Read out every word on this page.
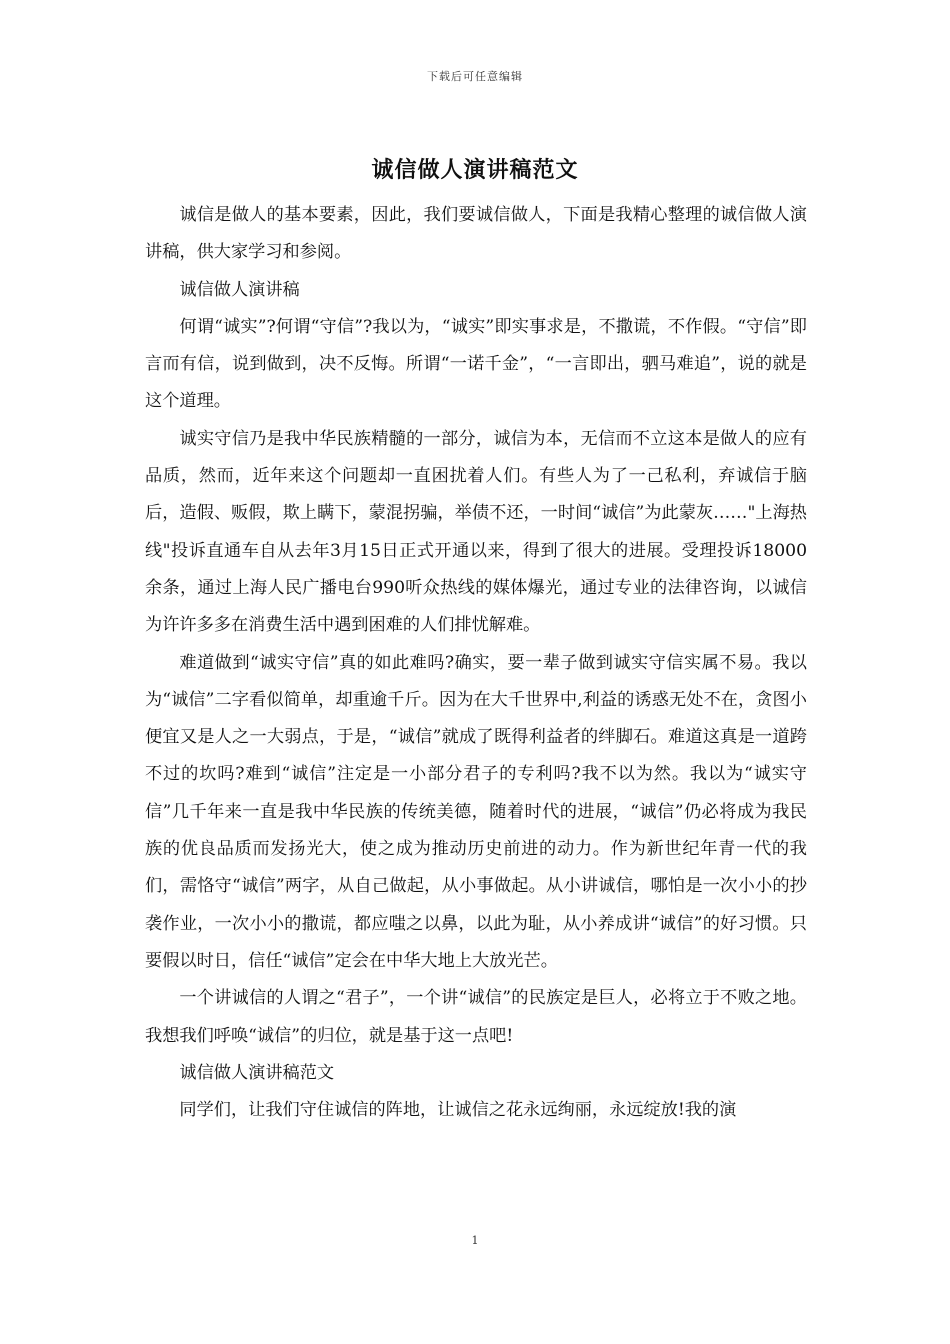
下载后可任意编辑
诚信做人演讲稿范文

诚信是做人的基本要素，因此，我们要诚信做人，下面是我精心整理的诚信做人演讲稿，供大家学习和参阅。

诚信做人演讲稿

何谓“诚实”?何谓“守信”?我以为，“诚实”即实事求是，不撒谎，不作假。“守信”即言而有信，说到做到，决不反悔。所谓“一诺千金”，“一言即出，驷马难追”，说的就是这个道理。

诚实守信乃是我中华民族精髓的一部分，诚信为本，无信而不立这本是做人的应有品质，然而，近年来这个问题却一直困扰着人们。有些人为了一己私利，弃诚信于脑后，造假、贩假，欺上瞒下，蒙混拐骗，举债不还，一时间“诚信”为此蒙灰……"上海热线"投诉直通车自从去年3月15日正式开通以来，得到了很大的进展。受理投诉18000余条，通过上海人民广播电台990听众热线的媒体爆光，通过专业的法律咨询，以诚信为许许多多在消费生活中遇到困难的人们排忧解难。

难道做到“诚实守信”真的如此难吗?确实，要一辈子做到诚实守信实属不易。我以为“诚信”二字看似简单，却重逾千斤。因为在大千世界中,利益的诱惑无处不在，贪图小便宜又是人之一大弱点，于是，“诚信”就成了既得利益者的绊脚石。难道这真是一道跨不过的坎吗?难到“诚信”注定是一小部分君子的专利吗?我不以为然。我以为“诚实守信”几千年来一直是我中华民族的传统美德，随着时代的进展，“诚信”仍必将成为我民族的优良品质而发扬光大，使之成为推动历史前进的动力。作为新世纪年青一代的我们，需恪守“诚信”两字，从自己做起，从小事做起。从小讲诚信，哪怕是一次小小的抄袭作业，一次小小的撒谎，都应嗤之以鼻，以此为耻，从小养成讲“诚信”的好习惯。只要假以时日，信任“诚信”定会在中华大地上大放光芒。

一个讲诚信的人谓之“君子”，一个讲“诚信”的民族定是巨人，必将立于不败之地。我想我们呼唤“诚信”的归位，就是基于这一点吧!

诚信做人演讲稿范文

同学们，让我们守住诚信的阵地，让诚信之花永远绚丽，永远绽放!我的演

1
